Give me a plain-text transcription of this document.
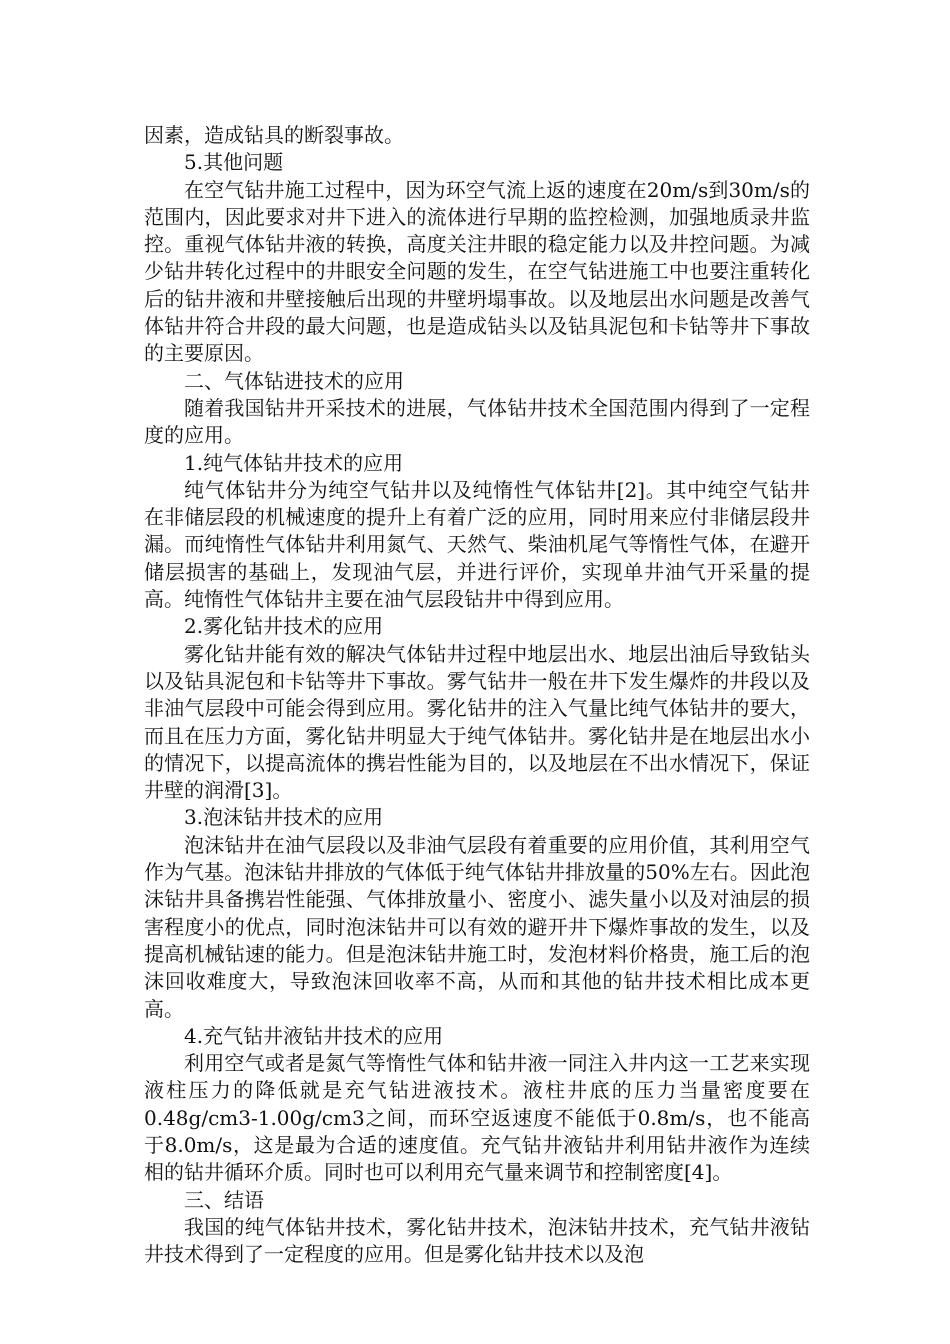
因素，造成钻具的断裂事故。

5.其他问题

在空气钻井施工过程中，因为环空气流上返的速度在20m/s到30m/s的范围内，因此要求对井下进入的流体进行早期的监控检测，加强地质录井监控。重视气体钻井液的转换，高度关注井眼的稳定能力以及井控问题。为减少钻井转化过程中的井眼安全问题的发生，在空气钻进施工中也要注重转化后的钻井液和井壁接触后出现的井壁坍塌事故。以及地层出水问题是改善气体钻井符合井段的最大问题，也是造成钻头以及钻具泥包和卡钻等井下事故的主要原因。

二、气体钻进技术的应用

随着我国钻井开采技术的进展，气体钻井技术全国范围内得到了一定程度的应用。

1.纯气体钻井技术的应用

纯气体钻井分为纯空气钻井以及纯惰性气体钻井[2]。其中纯空气钻井在非储层段的机械速度的提升上有着广泛的应用，同时用来应付非储层段井漏。而纯惰性气体钻井利用氮气、天然气、柴油机尾气等惰性气体，在避开储层损害的基础上，发现油气层，并进行评价，实现单井油气开采量的提高。纯惰性气体钻井主要在油气层段钻井中得到应用。

2.雾化钻井技术的应用

雾化钻井能有效的解决气体钻井过程中地层出水、地层出油后导致钻头以及钻具泥包和卡钻等井下事故。雾气钻井一般在井下发生爆炸的井段以及非油气层段中可能会得到应用。雾化钻井的注入气量比纯气体钻井的要大，而且在压力方面，雾化钻井明显大于纯气体钻井。雾化钻井是在地层出水小的情况下，以提高流体的携岩性能为目的，以及地层在不出水情况下，保证井壁的润滑[3]。

3.泡沫钻井技术的应用

泡沫钻井在油气层段以及非油气层段有着重要的应用价值，其利用空气作为气基。泡沫钻井排放的气体低于纯气体钻井排放量的50%左右。因此泡沫钻井具备携岩性能强、气体排放量小、密度小、滤失量小以及对油层的损害程度小的优点，同时泡沫钻井可以有效的避开井下爆炸事故的发生，以及提高机械钻速的能力。但是泡沫钻井施工时，发泡材料价格贵，施工后的泡沫回收难度大，导致泡沫回收率不高，从而和其他的钻井技术相比成本更高。

4.充气钻井液钻井技术的应用

利用空气或者是氮气等惰性气体和钻井液一同注入井内这一工艺来实现液柱压力的降低就是充气钻进液技术。液柱井底的压力当量密度要在0.48g/cm3-1.00g/cm3之间，而环空返速度不能低于0.8m/s，也不能高于8.0m/s，这是最为合适的速度值。充气钻井液钻井利用钻井液作为连续相的钻井循环介质。同时也可以利用充气量来调节和控制密度[4]。

三、结语

我国的纯气体钻井技术，雾化钻井技术，泡沫钻井技术，充气钻井液钻井技术得到了一定程度的应用。但是雾化钻井技术以及泡
